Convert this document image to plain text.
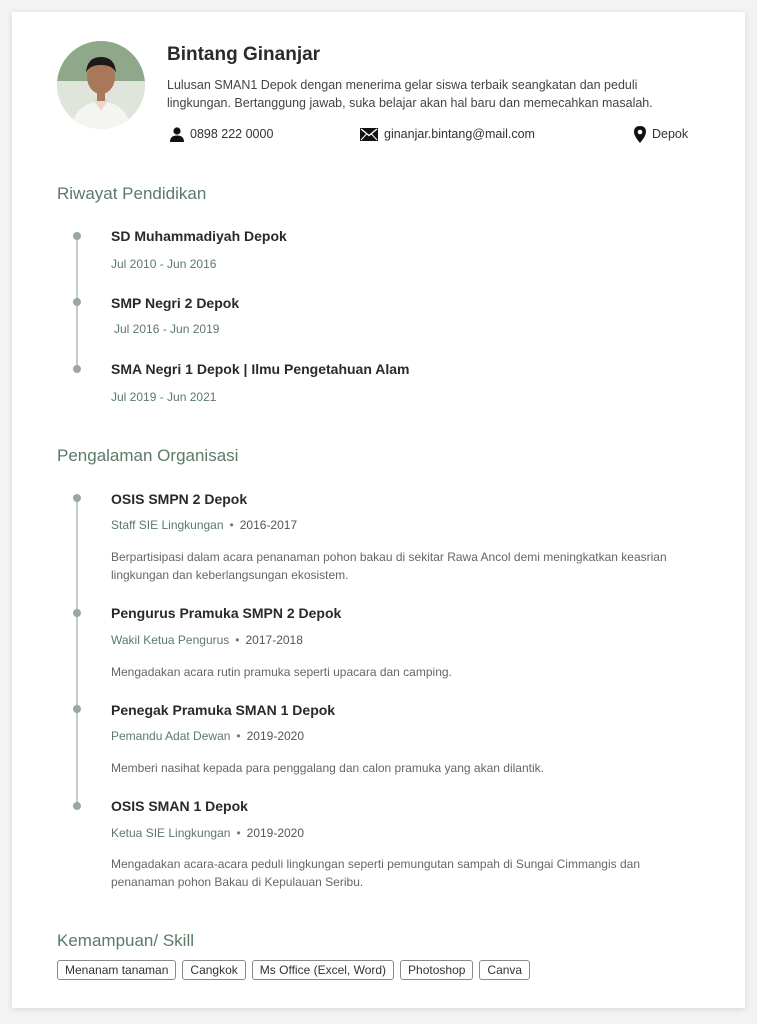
Bintang Ginanjar
Lulusan SMAN1 Depok dengan menerima gelar siswa terbaik seangkatan dan peduli lingkungan. Bertanggung jawab, suka belajar akan hal baru dan memecahkan masalah.
0898 222 0000	ginanjar.bintang@mail.com	Depok
Riwayat Pendidikan
SD Muhammadiyah Depok
Jul 2010 - Jun 2016
SMP Negri 2 Depok
Jul 2016 - Jun 2019
SMA Negri 1 Depok | Ilmu Pengetahuan Alam
Jul 2019 - Jun 2021
Pengalaman Organisasi
OSIS SMPN 2 Depok
Staff SIE Lingkungan • 2016-2017
Berpartisipasi dalam acara penanaman pohon bakau di sekitar Rawa Ancol demi meningkatkan keasrian lingkungan dan keberlangsungan ekosistem.
Pengurus Pramuka SMPN 2 Depok
Wakil Ketua Pengurus • 2017-2018
Mengadakan acara rutin pramuka seperti upacara dan camping.
Penegak Pramuka SMAN 1 Depok
Pemandu Adat Dewan • 2019-2020
Memberi nasihat kepada para penggalang dan calon pramuka yang akan dilantik.
OSIS SMAN 1 Depok
Ketua SIE Lingkungan • 2019-2020
Mengadakan acara-acara peduli lingkungan seperti pemungutan sampah di Sungai Cimmangis dan penanaman pohon Bakau di Kepulauan Seribu.
Kemampuan/ Skill
Menanam tanaman	Cangkok	Ms Office (Excel, Word)	Photoshop	Canva
